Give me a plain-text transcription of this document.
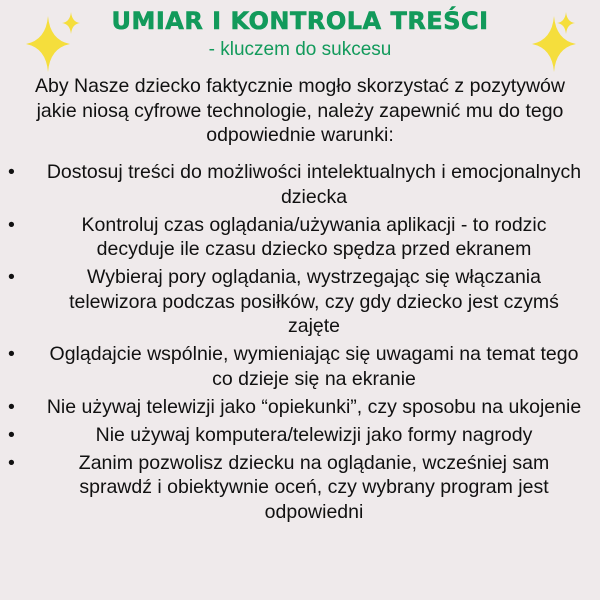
UMIAR I KONTROLA TREŚCI
- kluczem do sukcesu
Aby Nasze dziecko faktycznie mogło skorzystać z pozytywów jakie niosą cyfrowe technologie, należy zapewnić mu do tego odpowiednie warunki:
• Dostosuj treści do możliwości intelektualnych i emocjonalnych dziecka
•	Kontroluj czas oglądania/używania aplikacji - to rodzic decyduje ile czasu dziecko spędza przed ekranem
•	Wybieraj pory oglądania, wystrzegając się włączania telewizora podczas posiłków, czy gdy dziecko jest czymś zajęte
• Oglądajcie wspólnie, wymieniając się uwagami na temat tego co dzieje się na ekranie
• Nie używaj telewizji jako “opiekunki”, czy sposobu na ukojenie
•	Nie używaj komputera/telewizji jako formy nagrody
•	Zanim pozwolisz dziecku na oglądanie, wcześniej sam sprawdź i obiektywnie oceń, czy wybrany program jest odpowiedni
